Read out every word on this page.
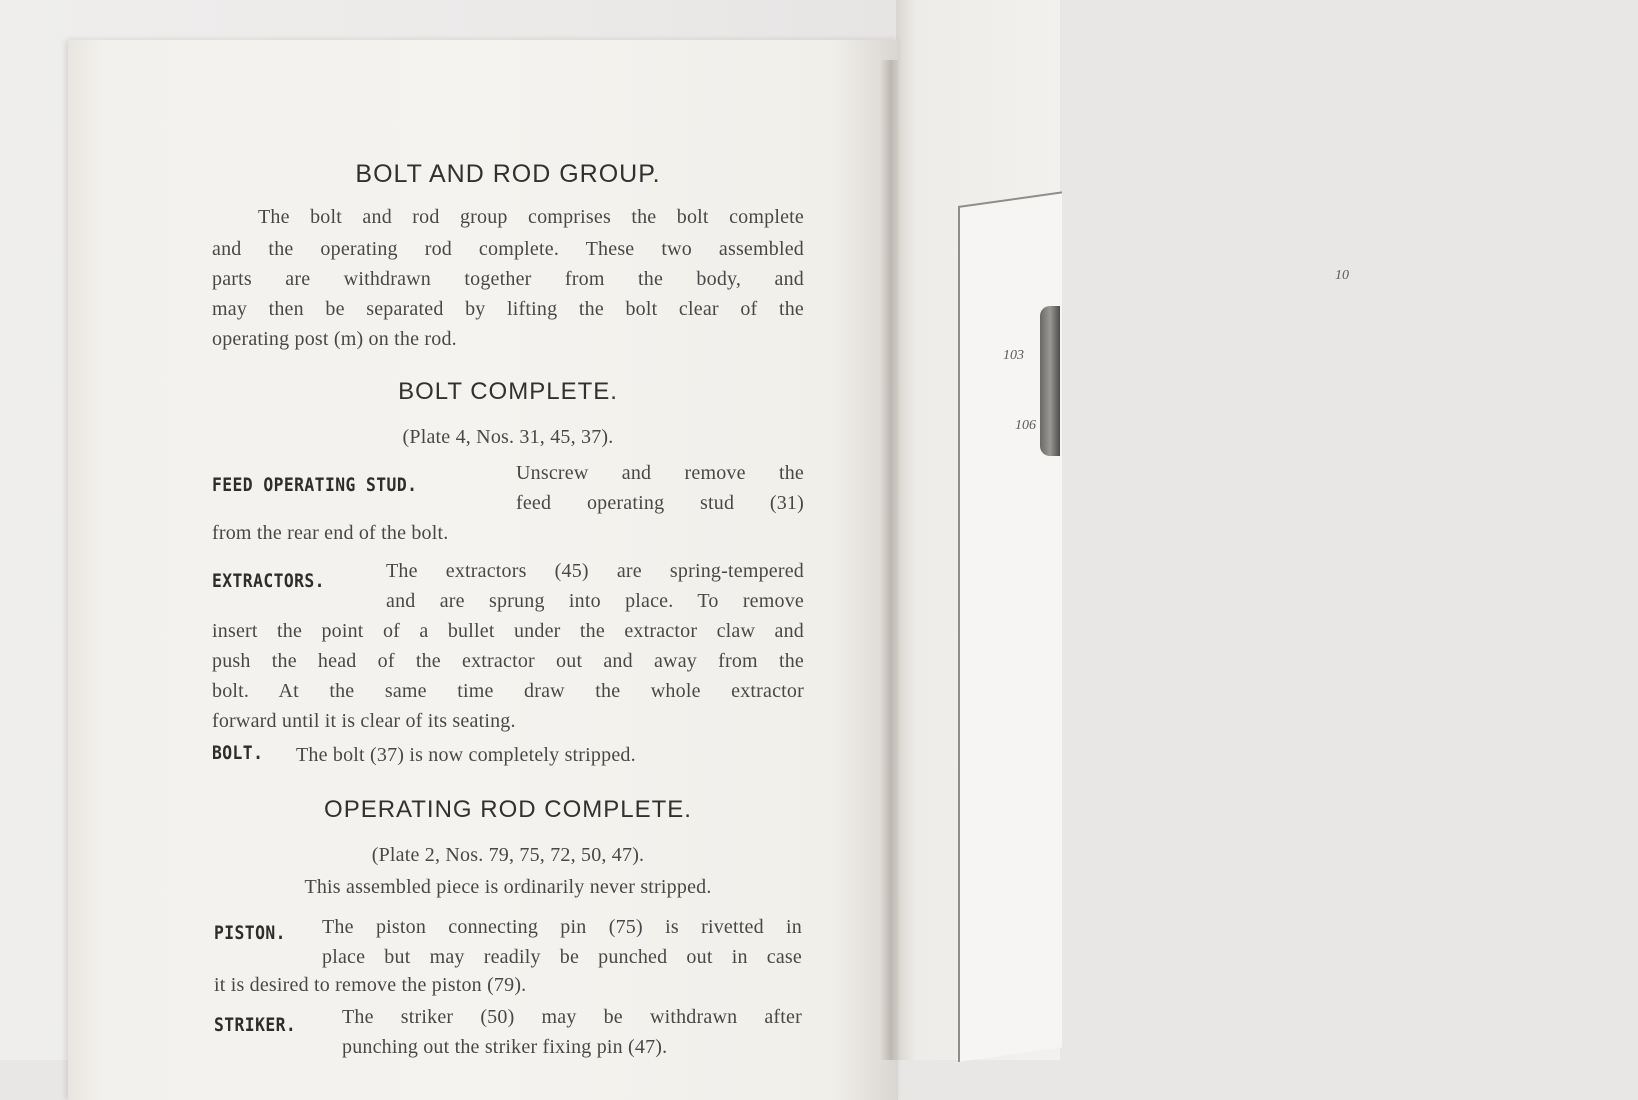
10
103
106
BOLT AND ROD GROUP.
The bolt and rod group comprises the bolt complete
and the operating rod complete. These two assembled
parts are withdrawn together from the body, and
may then be separated by lifting the bolt clear of the
operating post (m) on the rod.
BOLT COMPLETE.
(Plate 4, Nos. 31, 45, 37).
FEED OPERATING STUD.
Unscrew and remove the
feed operating stud (31)
from the rear end of the bolt.
EXTRACTORS.	The extractors (45) are spring-tempered
and are sprung into place. To remove
insert the point of a bullet under the extractor claw and
push the head of the extractor out and away from the
bolt. At the same time draw the whole extractor
forward until it is clear of its seating.
BOLT. The bolt (37) is now completely stripped.
OPERATING ROD COMPLETE.
(Plate 2, Nos. 79, 75, 72, 50, 47).
This assembled piece is ordinarily never stripped.
PISTON. The piston connecting pin (75) is rivetted in
place but may readily be punched out in case
it is desired to remove the piston (79).
STRIKER. The striker (50) may be withdrawn after
punching out the striker fixing pin (47).
